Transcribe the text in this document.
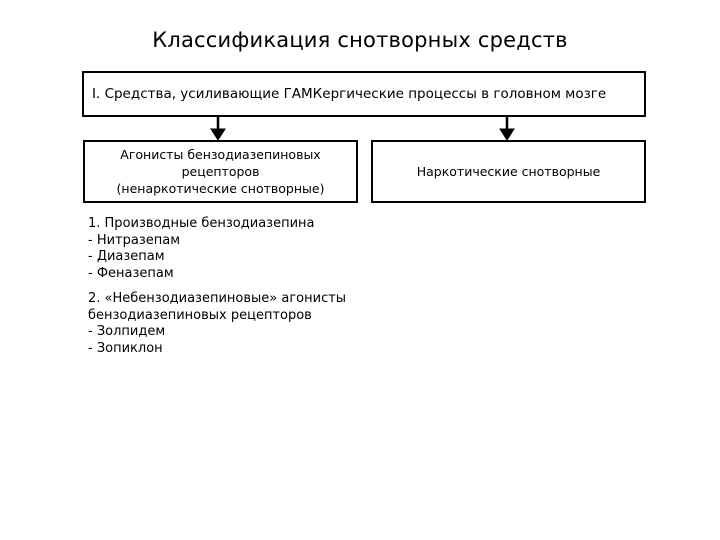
Классификация снотворных средств
I. Средства, усиливающие ГАМКергические процессы в головном мозге
Агонисты бензодиазепиновых
рецепторов
(ненаркотические снотворные)
Наркотические снотворные
1. Производные бензодиазепина
- Нитразепам
- Диазепам
- Феназепам
2. «Небензодиазепиновые» агонисты
бензодиазепиновых рецепторов
- Золпидем
- Зопиклон
